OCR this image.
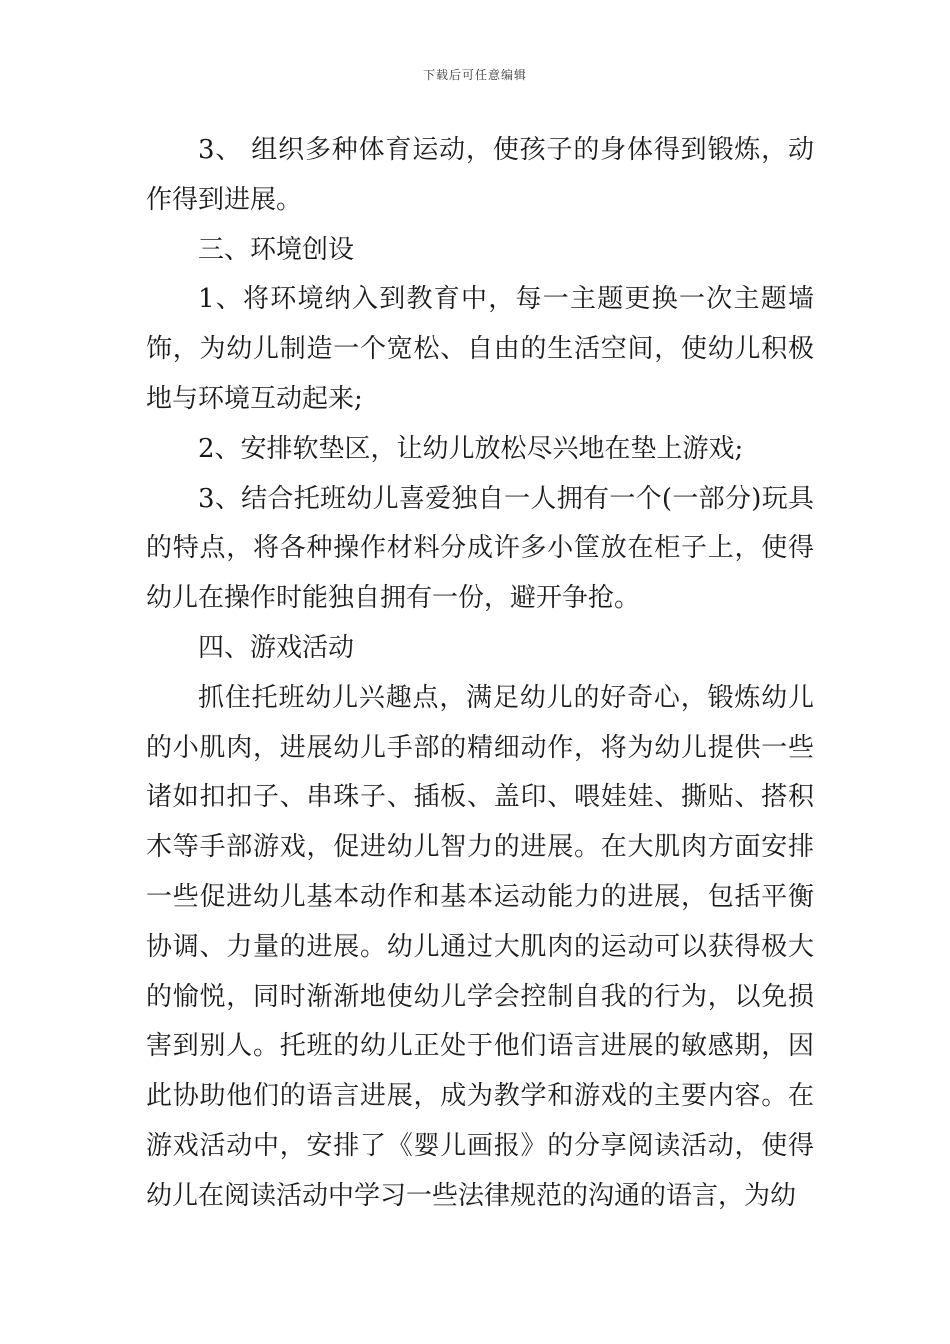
下载后可任意编辑

3、 组织多种体育运动，使孩子的身体得到锻炼，动作得到进展。

三、环境创设

1、将环境纳入到教育中，每一主题更换一次主题墙饰，为幼儿制造一个宽松、自由的生活空间，使幼儿积极地与环境互动起来;

2、安排软垫区，让幼儿放松尽兴地在垫上游戏;

3、结合托班幼儿喜爱独自一人拥有一个(一部分)玩具的特点，将各种操作材料分成许多小筐放在柜子上，使得幼儿在操作时能独自拥有一份，避开争抢。

四、游戏活动

抓住托班幼儿兴趣点，满足幼儿的好奇心，锻炼幼儿的小肌肉，进展幼儿手部的精细动作，将为幼儿提供一些诸如扣扣子、串珠子、插板、盖印、喂娃娃、撕贴、搭积木等手部游戏，促进幼儿智力的进展。在大肌肉方面安排一些促进幼儿基本动作和基本运动能力的进展，包括平衡协调、力量的进展。幼儿通过大肌肉的运动可以获得极大的愉悦，同时渐渐地使幼儿学会控制自我的行为，以免损害到别人。托班的幼儿正处于他们语言进展的敏感期，因此协助他们的语言进展，成为教学和游戏的主要内容。在游戏活动中，安排了《婴儿画报》的分享阅读活动，使得幼儿在阅读活动中学习一些法律规范的沟通的语言，为幼
